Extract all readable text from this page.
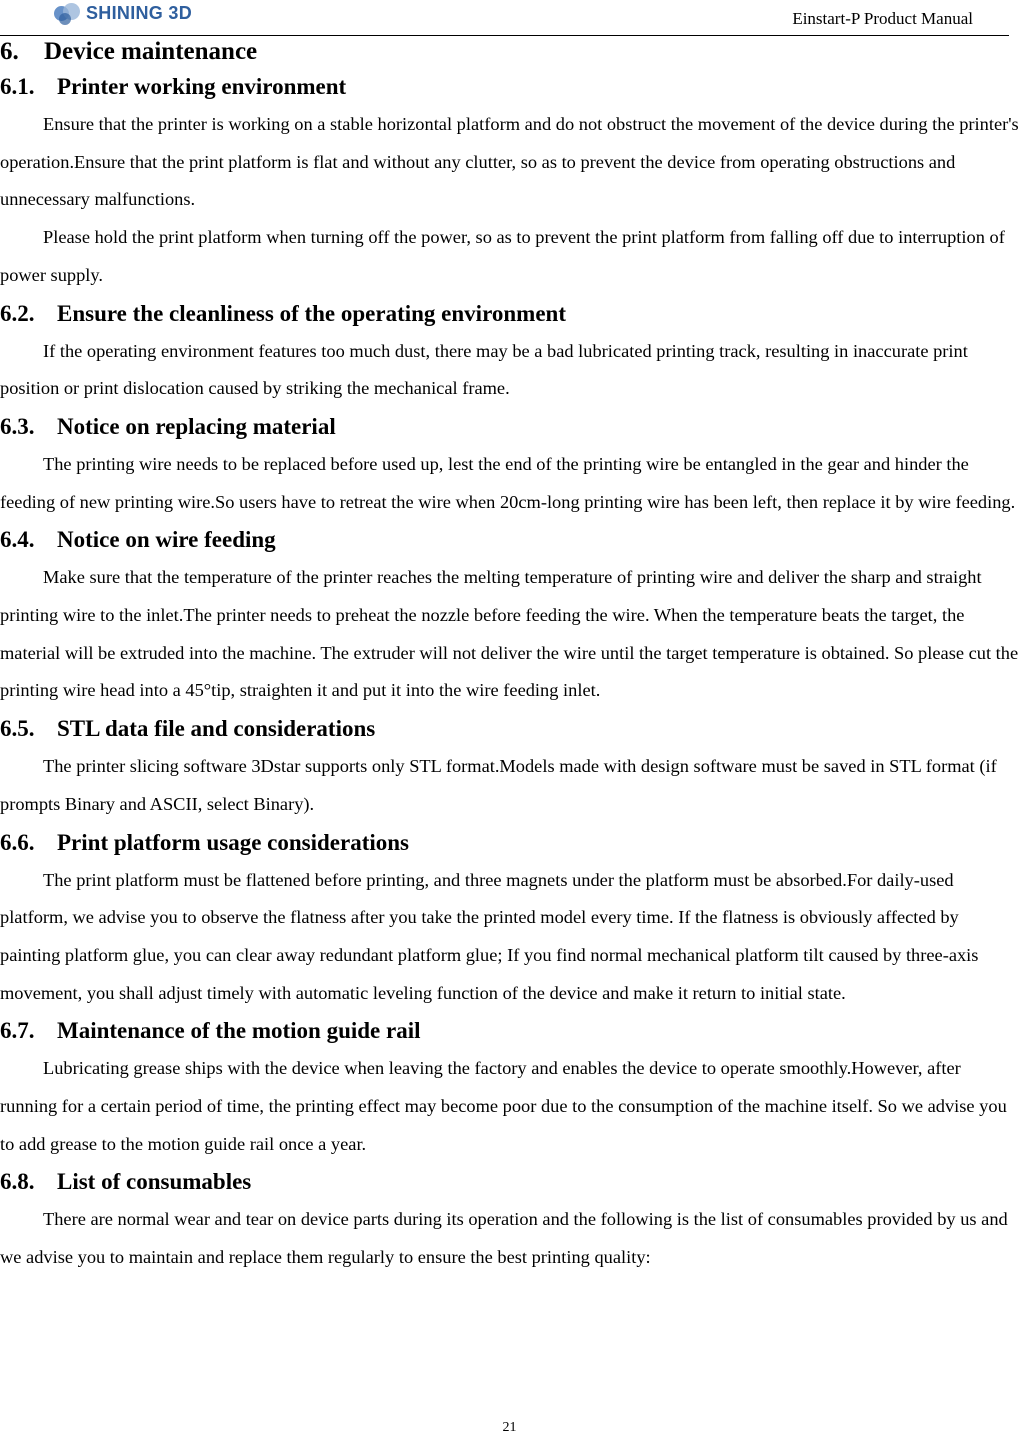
SHINING 3D	Einstart-P Product Manual
6. Device maintenance
6.1. Printer working environment

Ensure that the printer is working on a stable horizontal platform and do not obstruct the movement of the device during the printer's operation.Ensure that the print platform is flat and without any clutter, so as to prevent the device from operating obstructions and unnecessary malfunctions.

Please hold the print platform when turning off the power, so as to prevent the print platform from falling off due to interruption of power supply.

6.2. Ensure the cleanliness of the operating environment

If the operating environment features too much dust, there may be a bad lubricated printing track, resulting in inaccurate print position or print dislocation caused by striking the mechanical frame.

6.3. Notice on replacing material

The printing wire needs to be replaced before used up, lest the end of the printing wire be entangled in the gear and hinder the feeding of new printing wire.So users have to retreat the wire when 20cm-long printing wire has been left, then replace it by wire feeding.

6.4. Notice on wire feeding

Make sure that the temperature of the printer reaches the melting temperature of printing wire and deliver the sharp and straight printing wire to the inlet.The printer needs to preheat the nozzle before feeding the wire. When the temperature beats the target, the material will be extruded into the machine. The extruder will not deliver the wire until the target temperature is obtained. So please cut the printing wire head into a 45°tip, straighten it and put it into the wire feeding inlet.

6.5. STL data file and considerations

The printer slicing software 3Dstar supports only STL format.Models made with design software must be saved in STL format (if prompts Binary and ASCII, select Binary).

6.6. Print platform usage considerations

The print platform must be flattened before printing, and three magnets under the platform must be absorbed.For daily-used platform, we advise you to observe the flatness after you take the printed model every time. If the flatness is obviously affected by painting platform glue, you can clear away redundant platform glue; If you find normal mechanical platform tilt caused by three-axis movement, you shall adjust timely with automatic leveling function of the device and make it return to initial state.

6.7. Maintenance of the motion guide rail

Lubricating grease ships with the device when leaving the factory and enables the device to operate smoothly.However, after running for a certain period of time, the printing effect may become poor due to the consumption of the machine itself. So we advise you to add grease to the motion guide rail once a year.

6.8. List of consumables

There are normal wear and tear on device parts during its operation and the following is the list of consumables provided by us and we advise you to maintain and replace them regularly to ensure the best printing quality:

21
